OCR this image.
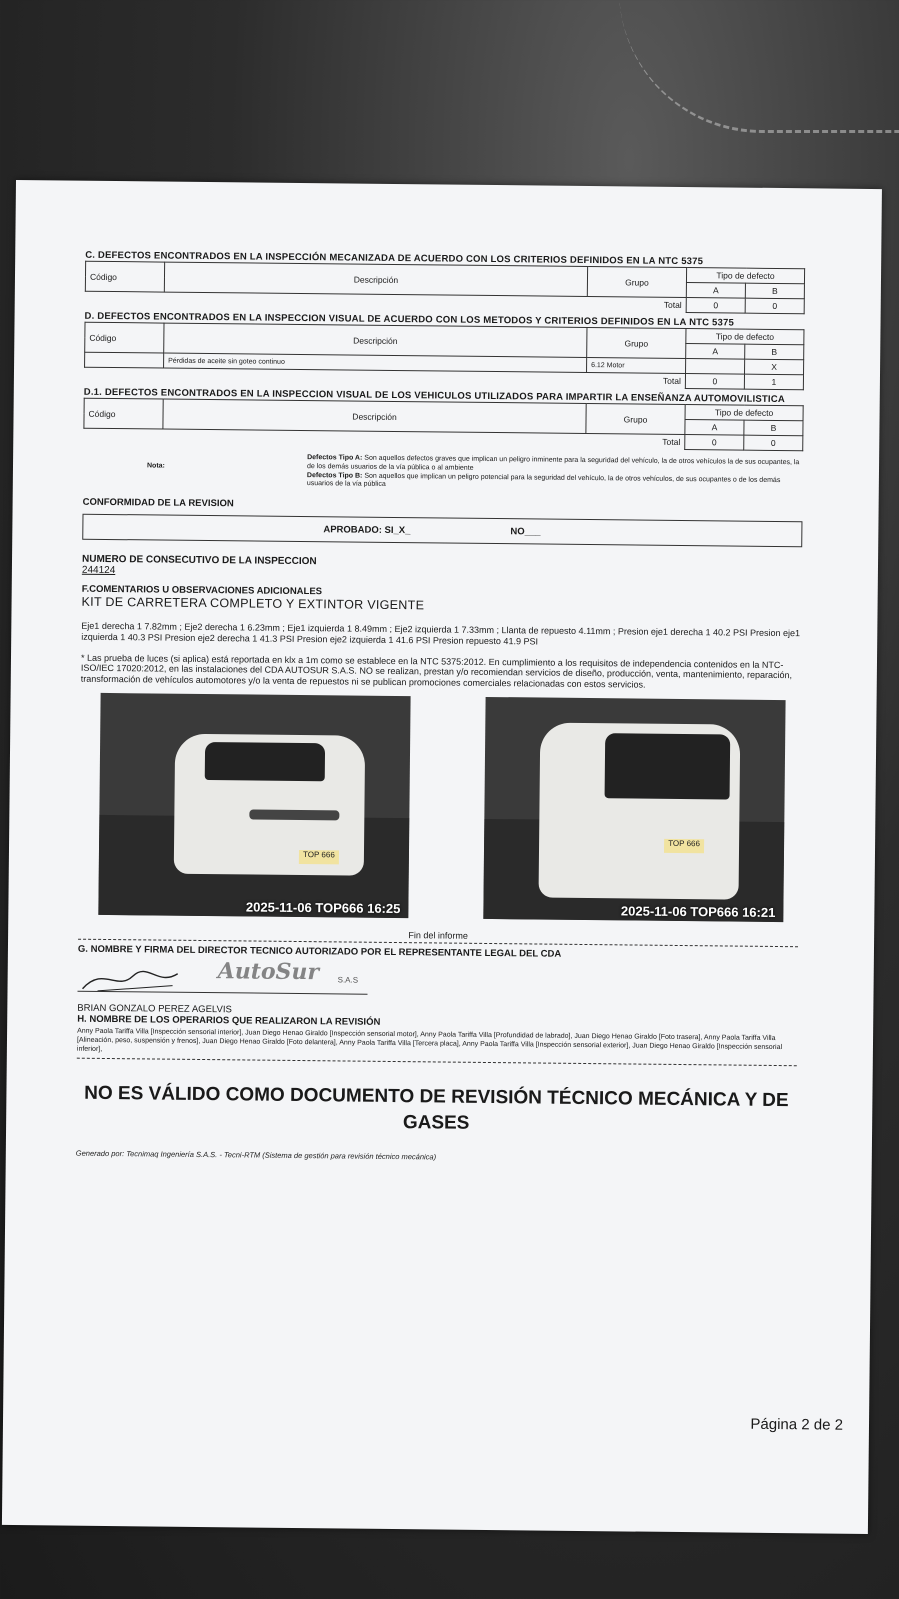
C. DEFECTOS ENCONTRADOS EN LA INSPECCIÓN MECANIZADA DE ACUERDO CON LOS CRITERIOS DEFINIDOS EN LA NTC 5375
Código	Descripción	Grupo	Tipo de defecto	
			A	B
Total			0	0
D. DEFECTOS ENCONTRADOS EN LA INSPECCION VISUAL DE ACUERDO CON LOS METODOS Y CRITERIOS DEFINIDOS EN LA NTC 5375
Código	Descripción	Grupo	Tipo de defecto	
			A	B
	Pérdidas de aceite sin goteo continuo	6.12 Motor		X
Total			0	1
D.1. DEFECTOS ENCONTRADOS EN LA INSPECCION VISUAL DE LOS VEHICULOS UTILIZADOS PARA IMPARTIR LA ENSEÑANZA AUTOMOVILISTICA
Código	Descripción	Grupo	Tipo de defecto	
			A	B
Total			0	0
Nota:
Defectos Tipo A: Son aquellos defectos graves que implican un peligro inminente para la seguridad del vehículo, la de otros vehículos la de sus ocupantes, la de los demás usuarios de la vía pública o al ambiente
Defectos Tipo B: Son aquellos que implican un peligro potencial para la seguridad del vehículo, la de otros vehículos, de sus ocupantes o de los demás usuarios de la vía pública
CONFORMIDAD DE LA REVISION
APROBADO: SI_X_	NO___
NUMERO DE CONSECUTIVO DE LA INSPECCION
244124
F.COMENTARIOS U OBSERVACIONES ADICIONALES
KIT DE CARRETERA COMPLETO Y EXTINTOR VIGENTE
Eje1 derecha 1 7.82mm ; Eje2 derecha 1 6.23mm ; Eje1 izquierda 1 8.49mm ; Eje2 izquierda 1 7.33mm ; Llanta de repuesto 4.11mm ; Presion eje1 derecha 1 40.2 PSI Presion eje1 izquierda 1 40.3 PSI Presion eje2 derecha 1 41.3 PSI Presion eje2 izquierda 1 41.6 PSI Presion repuesto 41.9 PSI
* Las prueba de luces (si aplica) está reportada en klx a 1m como se establece en la NTC 5375:2012. En cumplimiento a los requisitos de independencia contenidos en la NTC-ISO/IEC 17020:2012, en las instalaciones del CDA AUTOSUR S.A.S. NO se realizan, prestan y/o recomiendan servicios de diseño, producción, venta, mantenimiento, reparación, transformación de vehículos automotores y/o la venta de repuestos ni se publican promociones comerciales relacionadas con estos servicios.
TOP 666
2025-11-06 TOP666 16:25
TOP 666
2025-11-06 TOP666 16:21
Fin del informe
G. NOMBRE Y FIRMA DEL DIRECTOR TECNICO AUTORIZADO POR EL REPRESENTANTE LEGAL DEL CDA
AutoSur S.A.S
BRIAN GONZALO PEREZ AGELVIS
H. NOMBRE DE LOS OPERARIOS QUE REALIZARON LA REVISIÓN
Anny Paola Tariffa Villa [Inspección sensorial interior], Juan Diego Henao Giraldo [Inspección sensorial motor], Anny Paola Tariffa Villa [Profundidad de labrado], Juan Diego Henao Giraldo [Foto trasera], Anny Paola Tariffa Villa [Alineación, peso, suspensión y frenos], Juan Diego Henao Giraldo [Foto delantera], Anny Paola Tariffa Villa [Tercera placa], Anny Paola Tariffa Villa [Inspección sensorial exterior], Juan Diego Henao Giraldo [Inspección sensorial inferior],
NO ES VÁLIDO COMO DOCUMENTO DE REVISIÓN TÉCNICO MECÁNICA Y DE GASES
Generado por: Tecnimaq Ingeniería S.A.S. - Tecni-RTM (Sistema de gestión para revisión técnico mecánica)
Página 2 de 2
